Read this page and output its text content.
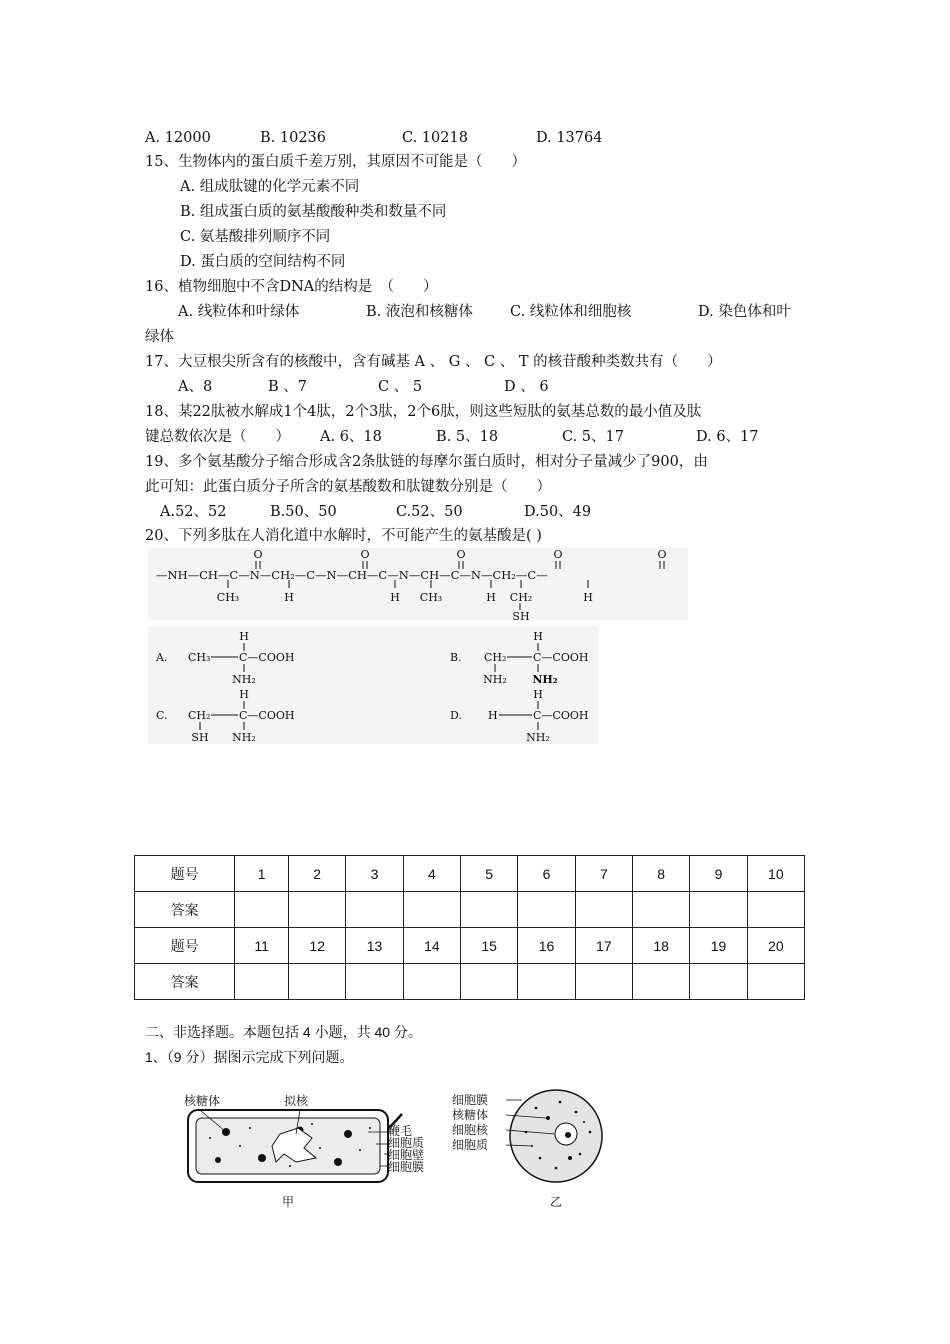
A. 12000	B. 10236	C. 10218	D. 13764
15、生物体内的蛋白质千差万别，其原因不可能是（　　）
A. 组成肽键的化学元素不同
B. 组成蛋白质的氨基酸酸种类和数量不同
C. 氨基酸排列顺序不同
D. 蛋白质的空间结构不同
16、植物细胞中不含DNA的结构是　（　　）
A. 线粒体和叶绿体	B. 液泡和核糖体	C. 线粒体和细胞核	D. 染色体和叶
绿体
17、大豆根尖所含有的核酸中，含有碱基 A 、 G 、 C 、 T 的核苷酸种类数共有（　　）
A、8	B 、7	C 、 5	D 、 6
18、某22肽被水解成1个4肽，2个3肽，2个6肽，则这些短肽的氨基总数的最小值及肽
键总数依次是（　　） A. 6、18	B. 5、18	C. 5、17	D. 6、17
19、多个氨基酸分子缩合形成含2条肽链的每摩尔蛋白质时，相对分子量减少了900，由
此可知：此蛋白质分子所含的氨基酸数和肽键数分别是（　　）
A.52、52	B.50、50	C.52、50	D.50、49
20、下列多肽在人消化道中水解时，不可能产生的氨基酸是( )
O	O	O	O	O
—NH—CH—C—N—CH₂—C—N—CH—C—N—CH—C—N—CH₂—C—
CH₃	H	H CH₃	H CH₂	H
SH
H
A. CH₃	C—COOH
NH₂
H
B. CH₂ C—COOH
NH₂ NH₂
H
C. CH₂	C—COOH
SH NH₂
H
D. H	C—COOH
NH₂
题号	1	2	3	4	5	6	7	8	9	10
答案										
题号	11	12	13	14	15	16	17	18	19	20
答案										
二、非选择题。本题包括 4 小题，共 40 分。
1、（9 分）据图示完成下列问题。
核糖体	拟核
鞭毛
细胞质
细胞壁
细胞膜
甲
细胞膜
核糖体
细胞核
细胞质
乙
